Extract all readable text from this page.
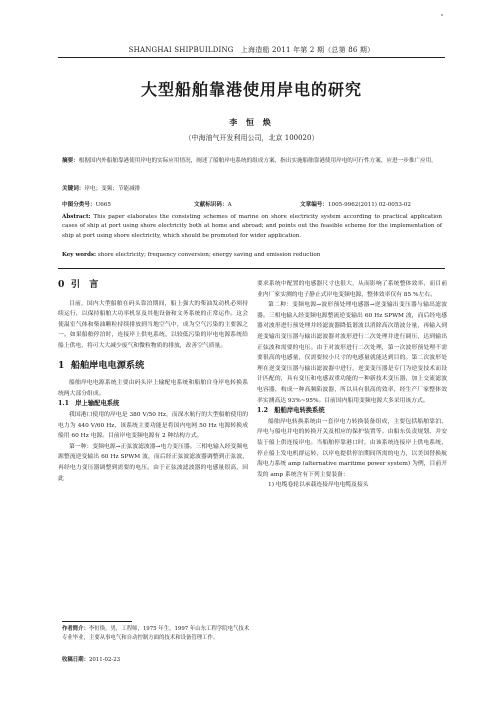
SHANGHAI SHIPBUILDING　上海造船 2011 年第 2 期（总第 86 期）
大型船舶靠港使用岸电的研究
李 恒 焕
（中海油气开发利用公司，北京 100020）
摘要：根据国内外船舶靠港使用岸电的实际应用情况，阐述了船舶岸电系统的组成方案，指出实施船舶靠港使用岸电的可行性方案，应进一步推广应用。
关键词：岸电；变频；节能减排
中图分类号：U665	文献标识码：A	文章编号：1005-9962(2011) 02-0053-02
Abstract: This paper elaborates the consisting schemes of marine on shore electricity system according to practical application cases of ship at port using shore electricity both at home and abroad; and points out the feasible scheme for the implementation of ship at port using shore electricity, which should be promoted for wider application.
Key words: shore electricity; frequency conversion; energy saving and emission reduction

0 引　言

目前，国内大型船舶在码头靠泊期间，船上强大的柴油发动机必须持续运行，以保持船舶大功率机泵及其他设备和文务系统的正常运作。这会使温室气体和柴油颗粒持续排放到当地空气中，成为空气污染的主要源之一。如果船舶停泊时，连接岸上供电系统，以较低污染的岸电电源系统给船上供电，将可大大减少废气和微粒物质的排放，改善空气质量。

1 船舶岸电电源系统

船舶岸电电源系统主要由码头岸上输配电系统和船舶自身岸电转换系统两大部分组成。

1.1　岸上输配电系统

我国港口使用的岸电是 380 V/50 Hz，而深水航行的大型船舶使用的电力为 440 V/60 Hz，该系统主要功能是将国内电网 50 Hz 电源转换成船用 60 Hz 电源。目前岸电变频电源有 2 种结构方式。

第一种：变频电源→正弦波滤波器→电力变压器。三相电输入经变频电源整流逆变输出 60 Hz SPWM 波，而后经正弦波滤波器调整到正弦波，再经电力变压器调整到需要的电压。由于正弦波滤波器的电感量很高，因此

作者简介：李恒焕，男，工程师，1975 年生，1997 年山东工程学院电气技术专业毕业，主要从事电气和自动控制方面的技术和设备管理工作。
收稿日期：2011-02-23

要求系统中配置的电感器尺寸也很大，从而影响了系统整体效率，而目前业内厂家实测的电子静止式岸电变频电源，整体效率仅有 85 %左右。

第二种：变频电源→波形预处理电感器→逆变输出变压器与输出滤波器。三相电输入经变频电源整流逆变输出 60 Hz SPWM 波，而后经电感器对波形进行预处理并经滤波器降低谐波以消除高次谐波分量，再输入到逆变输出变压器与输出滤波器对波形进行二次处理并进行调压，达到输出正弦波和需要的电压。由于对波形进行二次处理，第一次波形预处理不需要很高的电感量，仅需要较小尺寸的电感量就能达到目的。第二次波形处理在逆变变压器与输出滤波器中进行，逆变变压器是专门为逆变技术而设计匹配的，具有变压和电感双重功能的一种新技术变压器，加上交流滤波电容器，构成一种高频陷波器，所以具有很高的效率，经生产厂家整体效率实测高达 93%~95%。目前国内船用变频电源大多采用该方式。

1.2　船舶岸电转换系统

船舶岸电转换系统由一套岸电力转换装备组成，主要包括船舶靠泊、岸电与船电并电的转换开关及相应的保护装置等。由船东负责规划、并安装于船上供连接岸电。当船舶停靠港口时，由该系统连接岸上供电系统，停止船上发电机群运转，以岸电提供停泊期间所需的电力，以美国替换航海电力系统 amp (alternative maritime power system) 为例，目前开发的 amp 系统含有下列主要装备：

1) 电缆卷轮以承载连接岸电电缆及接头
